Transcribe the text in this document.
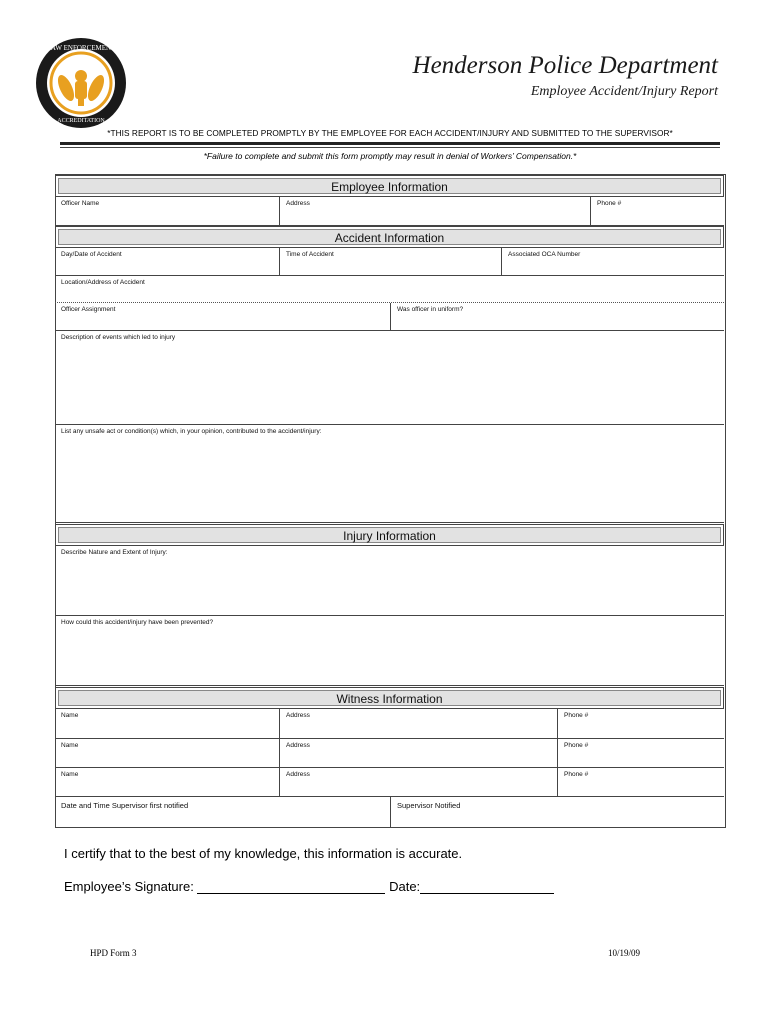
LAW ENFORCEMENT
ACCREDITATION
Henderson Police Department
Employee Accident/Injury Report
*THIS REPORT IS TO BE COMPLETED PROMPTLY BY THE EMPLOYEE FOR EACH ACCIDENT/INJURY AND SUBMITTED TO THE SUPERVISOR*
*Failure to complete and submit this form promptly may result in denial of Workers’ Compensation.*
Employee Information
Officer Name	Address	Phone #
Accident Information
Day/Date of Accident	Time of Accident	Associated OCA Number
Location/Address of Accident
Officer Assignment	Was officer in uniform?
Description of events which led to injury
List any unsafe act or condition(s) which, in your opinion, contributed to the accident/injury:
Injury Information
Describe Nature and Extent of Injury:
How could this accident/injury have been prevented?
Witness Information
Name	Address	Phone #
Name	Address	Phone #
Name	Address	Phone #
Date and Time Supervisor first notified	Supervisor Notified
I certify that to the best of my knowledge, this information is accurate.
Employee’s Signature:	Date:
HPD Form 3	10/19/09
